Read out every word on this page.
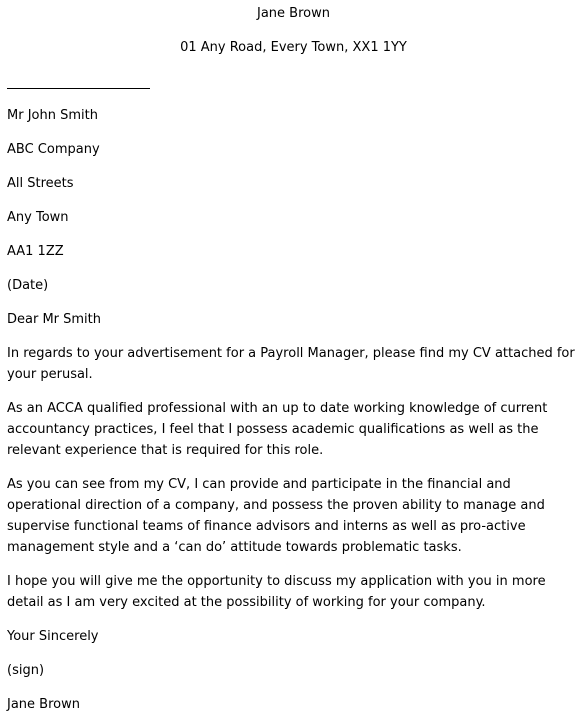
Jane Brown
01 Any Road, Every Town, XX1 1YY
Mr John Smith
ABC Company
All Streets
Any Town
AA1 1ZZ
(Date)
Dear Mr Smith
In regards to your advertisement for a Payroll Manager, please find my CV attached for your perusal.
As an ACCA qualified professional with an up to date working knowledge of current accountancy practices, I feel that I possess academic qualifications as well as the relevant experience that is required for this role.
As you can see from my CV, I can provide and participate in the financial and operational direction of a company, and possess the proven ability to manage and supervise functional teams of finance advisors and interns as well as pro-active management style and a ‘can do’ attitude towards problematic tasks.
I hope you will give me the opportunity to discuss my application with you in more detail as I am very excited at the possibility of working for your company.
Your Sincerely
(sign)
Jane Brown
